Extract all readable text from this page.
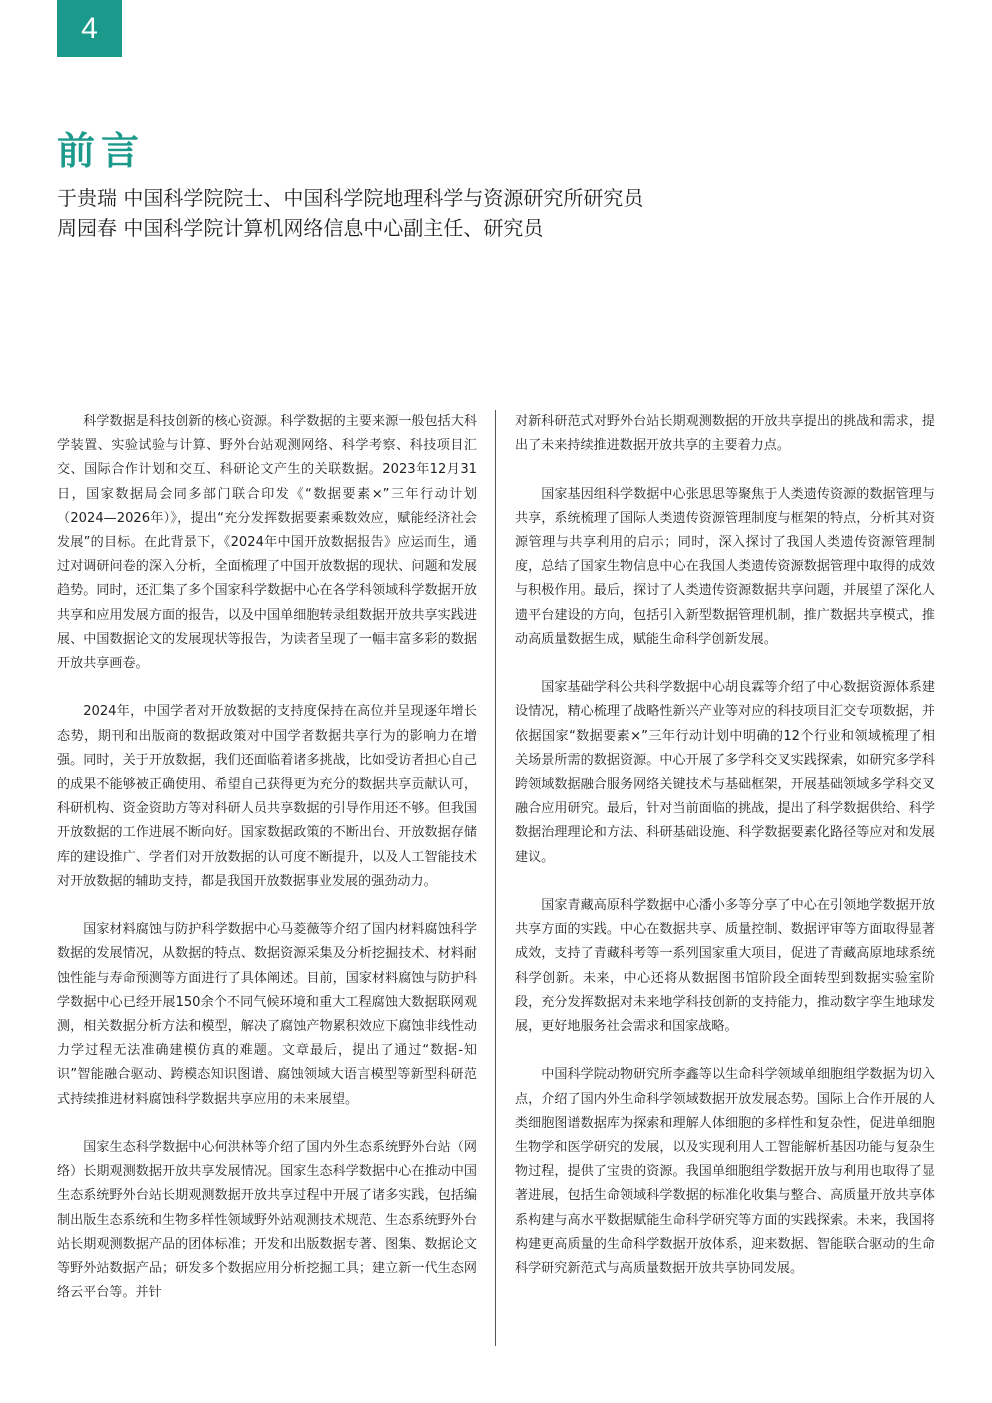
4
前言
于贵瑞 中国科学院院士、中国科学院地理科学与资源研究所研究员
周园春 中国科学院计算机网络信息中心副主任、研究员

科学数据是科技创新的核心资源。科学数据的主要来源一般包括大科学装置、实验试验与计算、野外台站观测网络、科学考察、科技项目汇交、国际合作计划和交互、科研论文产生的关联数据。2023年12月31日，国家数据局会同多部门联合印发《“数据要素×”三年行动计划（2024—2026年）》，提出“充分发挥数据要素乘数效应，赋能经济社会发展”的目标。在此背景下，《2024年中国开放数据报告》应运而生，通过对调研问卷的深入分析，全面梳理了中国开放数据的现状、问题和发展趋势。同时，还汇集了多个国家科学数据中心在各学科领域科学数据开放共享和应用发展方面的报告，以及中国单细胞转录组数据开放共享实践进展、中国数据论文的发展现状等报告，为读者呈现了一幅丰富多彩的数据开放共享画卷。

2024年，中国学者对开放数据的支持度保持在高位并呈现逐年增长态势，期刊和出版商的数据政策对中国学者数据共享行为的影响力在增强。同时，关于开放数据，我们还面临着诸多挑战，比如受访者担心自己的成果不能够被正确使用、希望自己获得更为充分的数据共享贡献认可，科研机构、资金资助方等对科研人员共享数据的引导作用还不够。但我国开放数据的工作进展不断向好。国家数据政策的不断出台、开放数据存储库的建设推广、学者们对开放数据的认可度不断提升，以及人工智能技术对开放数据的辅助支持，都是我国开放数据事业发展的强劲动力。

国家材料腐蚀与防护科学数据中心马菱薇等介绍了国内材料腐蚀科学数据的发展情况，从数据的特点、数据资源采集及分析挖掘技术、材料耐蚀性能与寿命预测等方面进行了具体阐述。目前，国家材料腐蚀与防护科学数据中心已经开展150余个不同气候环境和重大工程腐蚀大数据联网观测，相关数据分析方法和模型，解决了腐蚀产物累积效应下腐蚀非线性动力学过程无法准确建模仿真的难题。文章最后，提出了通过“数据-知识”智能融合驱动、跨模态知识图谱、腐蚀领域大语言模型等新型科研范式持续推进材料腐蚀科学数据共享应用的未来展望。

国家生态科学数据中心何洪林等介绍了国内外生态系统野外台站（网络）长期观测数据开放共享发展情况。国家生态科学数据中心在推动中国生态系统野外台站长期观测数据开放共享过程中开展了诸多实践，包括编制出版生态系统和生物多样性领域野外站观测技术规范、生态系统野外台站长期观测数据产品的团体标准；开发和出版数据专著、图集、数据论文等野外站数据产品；研发多个数据应用分析挖掘工具；建立新一代生态网络云平台等。并针

对新科研范式对野外台站长期观测数据的开放共享提出的挑战和需求，提出了未来持续推进数据开放共享的主要着力点。

国家基因组科学数据中心张思思等聚焦于人类遗传资源的数据管理与共享，系统梳理了国际人类遗传资源管理制度与框架的特点，分析其对资源管理与共享利用的启示；同时，深入探讨了我国人类遗传资源管理制度，总结了国家生物信息中心在我国人类遗传资源数据管理中取得的成效与积极作用。最后，探讨了人类遗传资源数据共享问题，并展望了深化人遗平台建设的方向，包括引入新型数据管理机制，推广数据共享模式，推动高质量数据生成，赋能生命科学创新发展。

国家基础学科公共科学数据中心胡良霖等介绍了中心数据资源体系建设情况，精心梳理了战略性新兴产业等对应的科技项目汇交专项数据，并依据国家“数据要素×”三年行动计划中明确的12个行业和领域梳理了相关场景所需的数据资源。中心开展了多学科交叉实践探索，如研究多学科跨领域数据融合服务网络关键技术与基础框架，开展基础领域多学科交叉融合应用研究。最后，针对当前面临的挑战，提出了科学数据供给、科学数据治理理论和方法、科研基础设施、科学数据要素化路径等应对和发展建议。

国家青藏高原科学数据中心潘小多等分享了中心在引领地学数据开放共享方面的实践。中心在数据共享、质量控制、数据评审等方面取得显著成效，支持了青藏科考等一系列国家重大项目，促进了青藏高原地球系统科学创新。未来，中心还将从数据图书馆阶段全面转型到数据实验室阶段，充分发挥数据对未来地学科技创新的支持能力，推动数字孪生地球发展，更好地服务社会需求和国家战略。

中国科学院动物研究所李鑫等以生命科学领域单细胞组学数据为切入点，介绍了国内外生命科学领域数据开放发展态势。国际上合作开展的人类细胞图谱数据库为探索和理解人体细胞的多样性和复杂性，促进单细胞生物学和医学研究的发展，以及实现利用人工智能解析基因功能与复杂生物过程，提供了宝贵的资源。我国单细胞组学数据开放与利用也取得了显著进展，包括生命领域科学数据的标准化收集与整合、高质量开放共享体系构建与高水平数据赋能生命科学研究等方面的实践探索。未来，我国将构建更高质量的生命科学数据开放体系，迎来数据、智能联合驱动的生命科学研究新范式与高质量数据开放共享协同发展。
